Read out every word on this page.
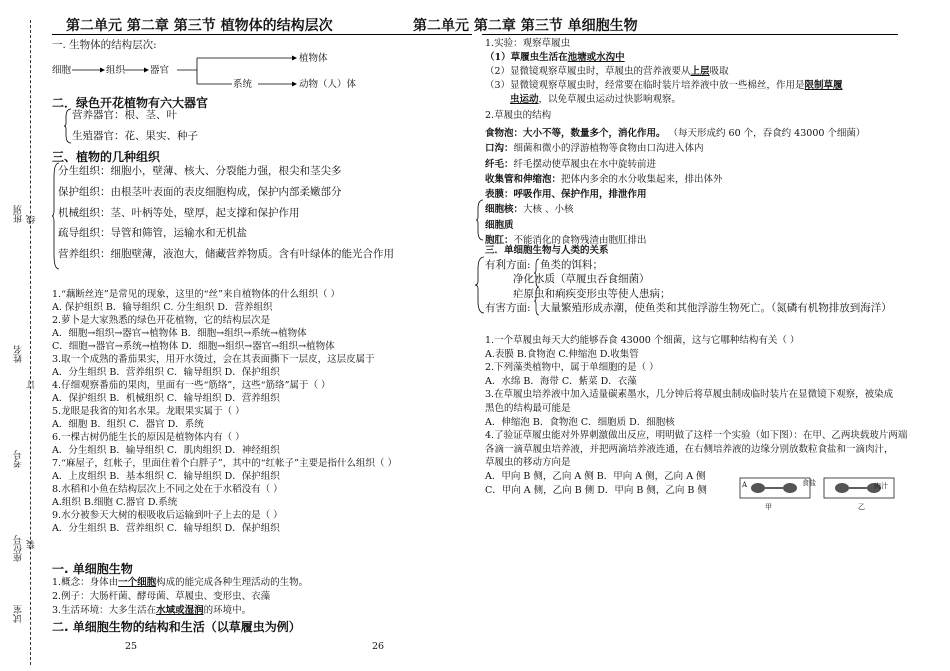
班别
姓名
考号
座位号
试室
线
订
装
第二单元 第二章 第三节 植物体的结构层次
一. 生物体的结构层次:
细胞	组织	器官
植物体
系统	动物（人）体
二．绿色开花植物有六大器官
营养器官：根、茎、叶
生殖器官：花、果实、种子
三、植物的几种组织
分生组织：细胞小，壁薄、核大、分裂能力强，根尖和茎尖多
保护组织：由根茎叶表面的表皮细胞构成，保护内部柔嫩部分
机械组织：茎、叶柄等处，壁厚，起支撑和保护作用
疏导组织：导管和筛管，运输水和无机盐
营养组织：细胞壁薄，液泡大，储藏营养物质。含有叶绿体的能光合作用
1.“藕断丝连”是常见的现象，这里的“丝”来自植物体的什么组织（ ）
A. 保护组织 B．输导组织 C. 分生组织 D．营养组织
2.萝卜是大家熟悉的绿色开花植物，它的结构层次是
A．细胞→组织→器官→植物体 B．细胞→组织→系统→植物体
C．细胞→器官→系统→植物体 D．细胞→组织→器官→组织→植物体
3.取一个成熟的番茄果实，用开水烫过，会在其表面撕下一层皮，这层皮属于
A．分生组织 B．营养组织 C．输导组织 D．保护组织
4.仔细观察番茄的果肉，里面有一些“筋络”，这些“筋络”属于（ ）
A．保护组织 B．机械组织 C．输导组织 D．营养组织
5.龙眼是我省的知名水果。龙眼果实属于（ ）
A．细胞 B．组织 C．器官 D．系统
6.一棵古树仍能生长的原因是植物体内有（ ）
A．分生组织 B．输导组织 C．肌肉组织 D．神经组织
7.“麻屋子，红帐子，里面住着个白胖子”，其中的“红帐子”主要是指什么组织（ ）
A．上皮组织 B．基本组织 C．输导组织 D．保护组织
8.水稻和小鱼在结构层次上不同之处在于水稻没有（ ）
A.组织 B.细胞 C.器官 D.系统
9.水分被参天大树的根吸收后运输到叶子上去的是（ ）
A．分生组织 B．营养组织 C．输导组织 D．保护组织
一. 单细胞生物
1.概念：身体由一个细胞构成的能完成各种生理活动的生物。
2.例子：大肠杆菌、酵母菌、草履虫、变形虫、衣藻
3.生活环境：大多生活在水域或湿润的环境中。
二. 单细胞生物的结构和生活（以草履虫为例）
25
第二单元 第二章 第三节 单细胞生物
1.实验：观察草履虫
（1）草履虫生活在池塘或水沟中
（2）显微镜观察草履虫时，草履虫的营养液要从上层吸取
（3）显微镜观察草履虫时，经常要在临时装片培养液中放一些棉丝，作用是限制草履
虫运动，以免草履虫运动过快影响观察。
2.草履虫的结构
食物泡：大小不等，数量多个，消化作用。 （每天形成约 60 个，吞食约 43000 个细菌）
口沟：细菌和微小的浮游植物等食物由口沟进入体内
纤毛：纤毛摆动使草履虫在水中旋转前进
收集管和伸缩泡：把体内多余的水分收集起来，排出体外
表膜：呼吸作用、保护作用，排泄作用
细胞核：大核 、小核
细胞质
胞肛：不能消化的食物残渣由胞肛排出
三．单细胞生物与人类的关系
有利方面: 鱼类的饵料；
净化水质（草履虫吞食细菌）
疟原虫和痢疾变形虫等使人患病；
有害方面: 大量繁殖形成赤潮，使鱼类和其他浮游生物死亡。（氮磷有机物排放到海洋）
1.一个草履虫每天大约能够吞食 43000 个细菌，这与它哪种结构有关（ ）
A.表膜 B.食物泡 C.伸缩泡 D.收集管
2.下列藻类植物中，属于单细胞的是（ ）
A．水绵 B．海带 C．紫菜 D．衣藻
3.在草履虫培养液中加入适量碳素墨水，几分钟后将草履虫制成临时装片在显微镜下观察，被染成
黑色的结构最可能是
A．伸缩泡 B．食物泡 C．细胞质 D．细胞核
4.了验证草履虫能对外界刺激做出反应，明明做了这样一个实验（如下图）：在甲、乙两块载玻片两端
各滴一滴草履虫培养液，并把两滴培养液连通，在右侧培养液的边缘分别放数粒食盐和一滴肉汁，
草履虫的移动方向是
A．甲向 B 侧，乙向 A 侧 B．甲向 A 侧，乙向 A 侧
C．甲向 A 侧，乙向 B 侧 D．甲向 B 侧，乙向 B 侧	A	食盐	肉汁
甲	乙
26
